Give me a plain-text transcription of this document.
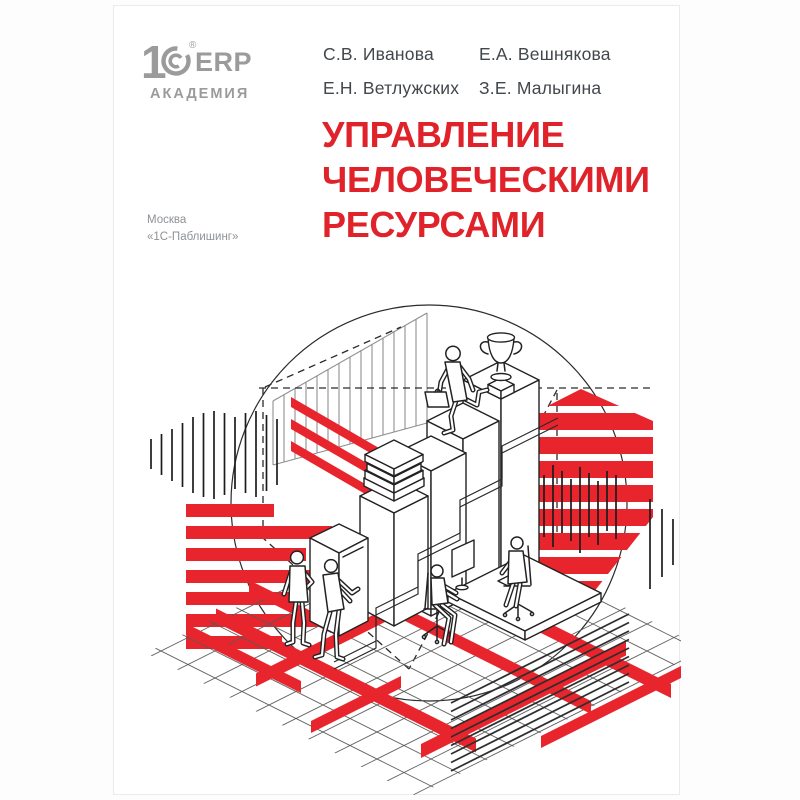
1 ®
ERP
АКАДЕМИЯ
С.В. Иванова	Е.А. Вешнякова
Е.Н. Ветлужских	З.Е. Малыгина
УПРАВЛЕНИЕ
ЧЕЛОВЕЧЕСКИМИ
РЕСУРСАМИ
Москва
«1С-Паблишинг»
